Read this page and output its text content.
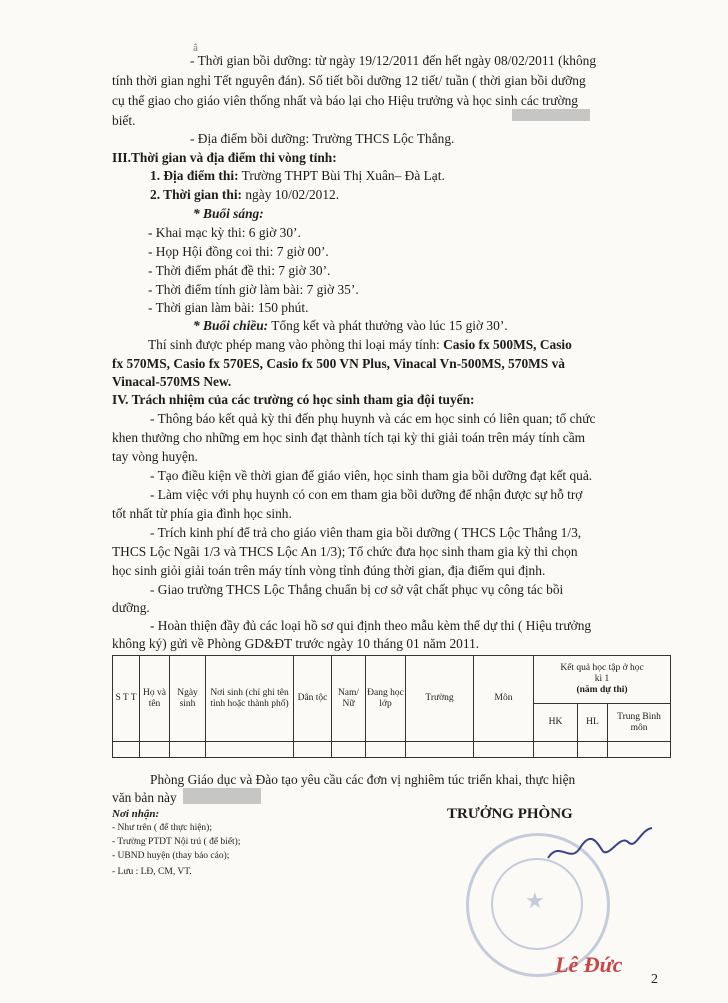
ắ
- Thời gian bồi dưỡng: từ ngày 19/12/2011 đến hết ngày 08/02/2011 (không
tính thời gian nghỉ Tết nguyên đán). Số tiết bồi dưỡng 12 tiết/ tuần ( thời gian bồi dưỡng
cụ thể giao cho giáo viên thống nhất và báo lại cho Hiệu trưởng và học sinh các trường
biết.
- Địa điểm bồi dưỡng: Trường THCS Lộc Thắng.
III.Thời gian và địa điểm thi vòng tỉnh:
1. Địa điểm thi: Trường THPT Bùi Thị Xuân– Đà Lạt.
2. Thời gian thi: ngày 10/02/2012.
* Buổi sáng:
- Khai mạc kỳ thi: 6 giờ 30’.
- Họp Hội đồng coi thi: 7 giờ 00’.
- Thời điểm phát đề thi: 7 giờ 30’.
- Thời điểm tính giờ làm bài: 7 giờ 35’.
- Thời gian làm bài: 150 phút.
* Buổi chiều: Tổng kết và phát thưởng vào lúc 15 giờ 30’.
Thí sinh được phép mang vào phòng thi loại máy tính: Casio fx 500MS, Casio
fx 570MS, Casio fx 570ES, Casio fx 500 VN Plus, Vinacal Vn-500MS, 570MS và
Vinacal-570MS New.
IV. Trách nhiệm của các trường có học sinh tham gia đội tuyển:
- Thông báo kết quả kỳ thi đến phụ huynh và các em học sinh có liên quan; tổ chức
khen thưởng cho những em học sinh đạt thành tích tại kỳ thi giải toán trên máy tính cầm
tay vòng huyện.
- Tạo điều kiện về thời gian để giáo viên, học sinh tham gia bồi dưỡng đạt kết quả.
- Làm việc với phụ huynh có con em tham gia bồi dưỡng để nhận được sự hỗ trợ
tốt nhất từ phía gia đình học sinh.
- Trích kinh phí để trả cho giáo viên tham gia bồi dưỡng ( THCS Lộc Thắng 1/3,
THCS Lộc Ngãi 1/3 và THCS Lộc An 1/3); Tổ chức đưa học sinh tham gia kỳ thi chọn
học sinh giỏi giải toán trên máy tính vòng tỉnh đúng thời gian, địa điểm qui định.
- Giao trường THCS Lộc Thắng chuẩn bị cơ sở vật chất phục vụ công tác bồi
dưỡng.
- Hoàn thiện đầy đủ các loại hồ sơ qui định theo mẫu kèm thể dự thi ( Hiệu trưởng
không ký) gửi về Phòng GD&ĐT trước ngày 10 tháng 01 năm 2011.
S T T	Họ và tên	Ngày sinh	Nơi sinh (chỉ ghi tên tỉnh hoặc thành phố)	Dân tộc	Nam/ Nữ	Đang học lớp	Trường	Môn	Kết quả học tập ở học
kì 1
(năm dự thi)		

									HK	HL	Trung Bình môn

Phòng Giáo dục và Đào tạo yêu cầu các đơn vị nghiêm túc triển khai, thực hiện
văn bản này
Nơi nhận:
- Như trên ( để thực hiện);
- Trường PTDT Nội trú ( để biết);
- UBND huyện (thay báo cáo);
- Lưu : LĐ, CM, VT.
TRƯỞNG PHÒNG
★
Lê Đức
2
